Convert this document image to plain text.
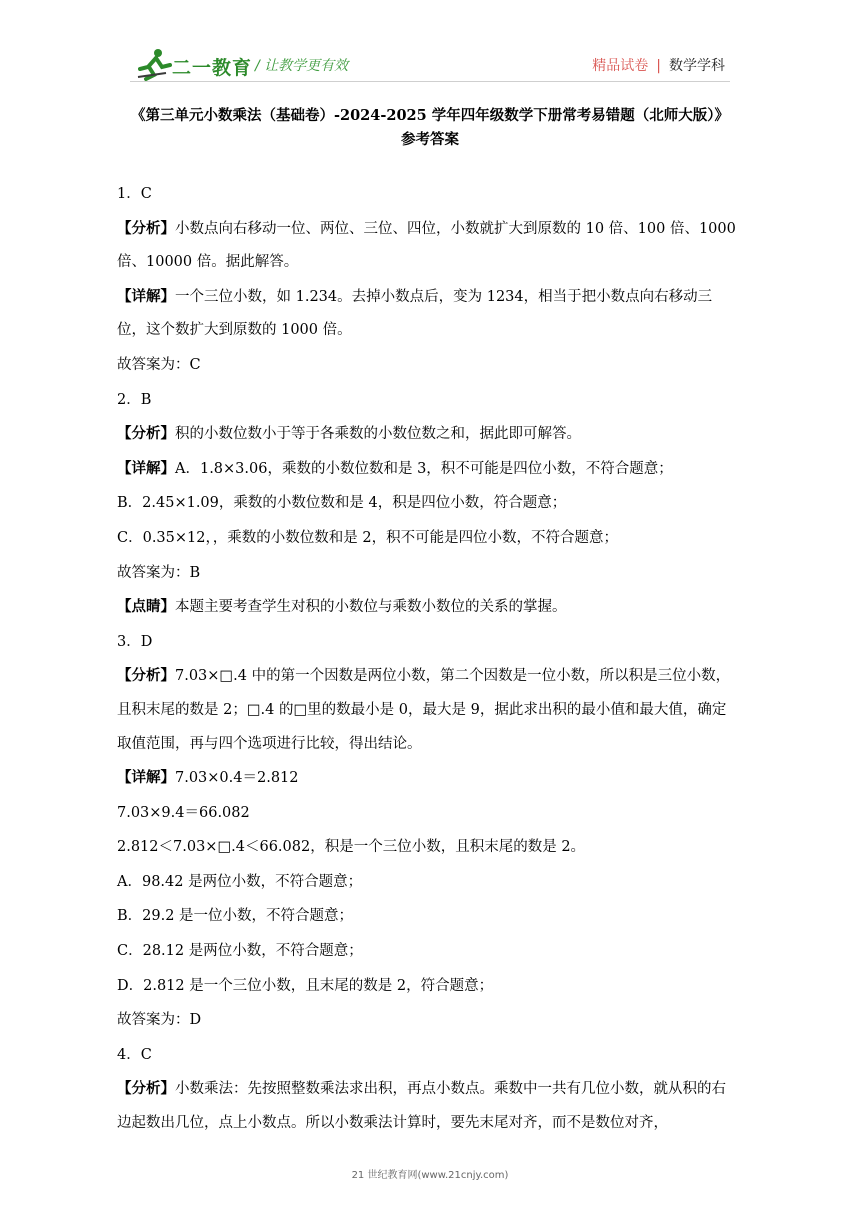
二一教育 / 让教学更有效	精品试卷 | 数学学科
《第三单元小数乘法（基础卷）-2024-2025 学年四年级数学下册常考易错题（北师大版）》
参考答案

1．C

【分析】小数点向右移动一位、两位、三位、四位，小数就扩大到原数的 10 倍、100 倍、1000 倍、10000 倍。据此解答。

【详解】一个三位小数，如 1.234。去掉小数点后，变为 1234，相当于把小数点向右移动三位，这个数扩大到原数的 1000 倍。

故答案为：C

2．B

【分析】积的小数位数小于等于各乘数的小数位数之和，据此即可解答。

【详解】A．1.8×3.06，乘数的小数位数和是 3，积不可能是四位小数，不符合题意；

B．2.45×1.09，乘数的小数位数和是 4，积是四位小数，符合题意；

C．0.35×12，，乘数的小数位数和是 2，积不可能是四位小数，不符合题意；

故答案为：B

【点睛】本题主要考查学生对积的小数位与乘数小数位的关系的掌握。

3．D

【分析】7.03×□.4 中的第一个因数是两位小数，第二个因数是一位小数，所以积是三位小数，且积末尾的数是 2；□.4 的□里的数最小是 0，最大是 9，据此求出积的最小值和最大值，确定取值范围，再与四个选项进行比较，得出结论。

【详解】7.03×0.4＝2.812

7.03×9.4＝66.082

2.812＜7.03×□.4＜66.082，积是一个三位小数，且积末尾的数是 2。

A．98.42 是两位小数，不符合题意；

B．29.2 是一位小数，不符合题意；

C．28.12 是两位小数，不符合题意；

D．2.812 是一个三位小数，且末尾的数是 2，符合题意；

故答案为：D

4．C

【分析】小数乘法：先按照整数乘法求出积，再点小数点。乘数中一共有几位小数，就从积的右边起数出几位，点上小数点。所以小数乘法计算时，要先末尾对齐，而不是数位对齐，

21 世纪教育网(www.21cnjy.com)
